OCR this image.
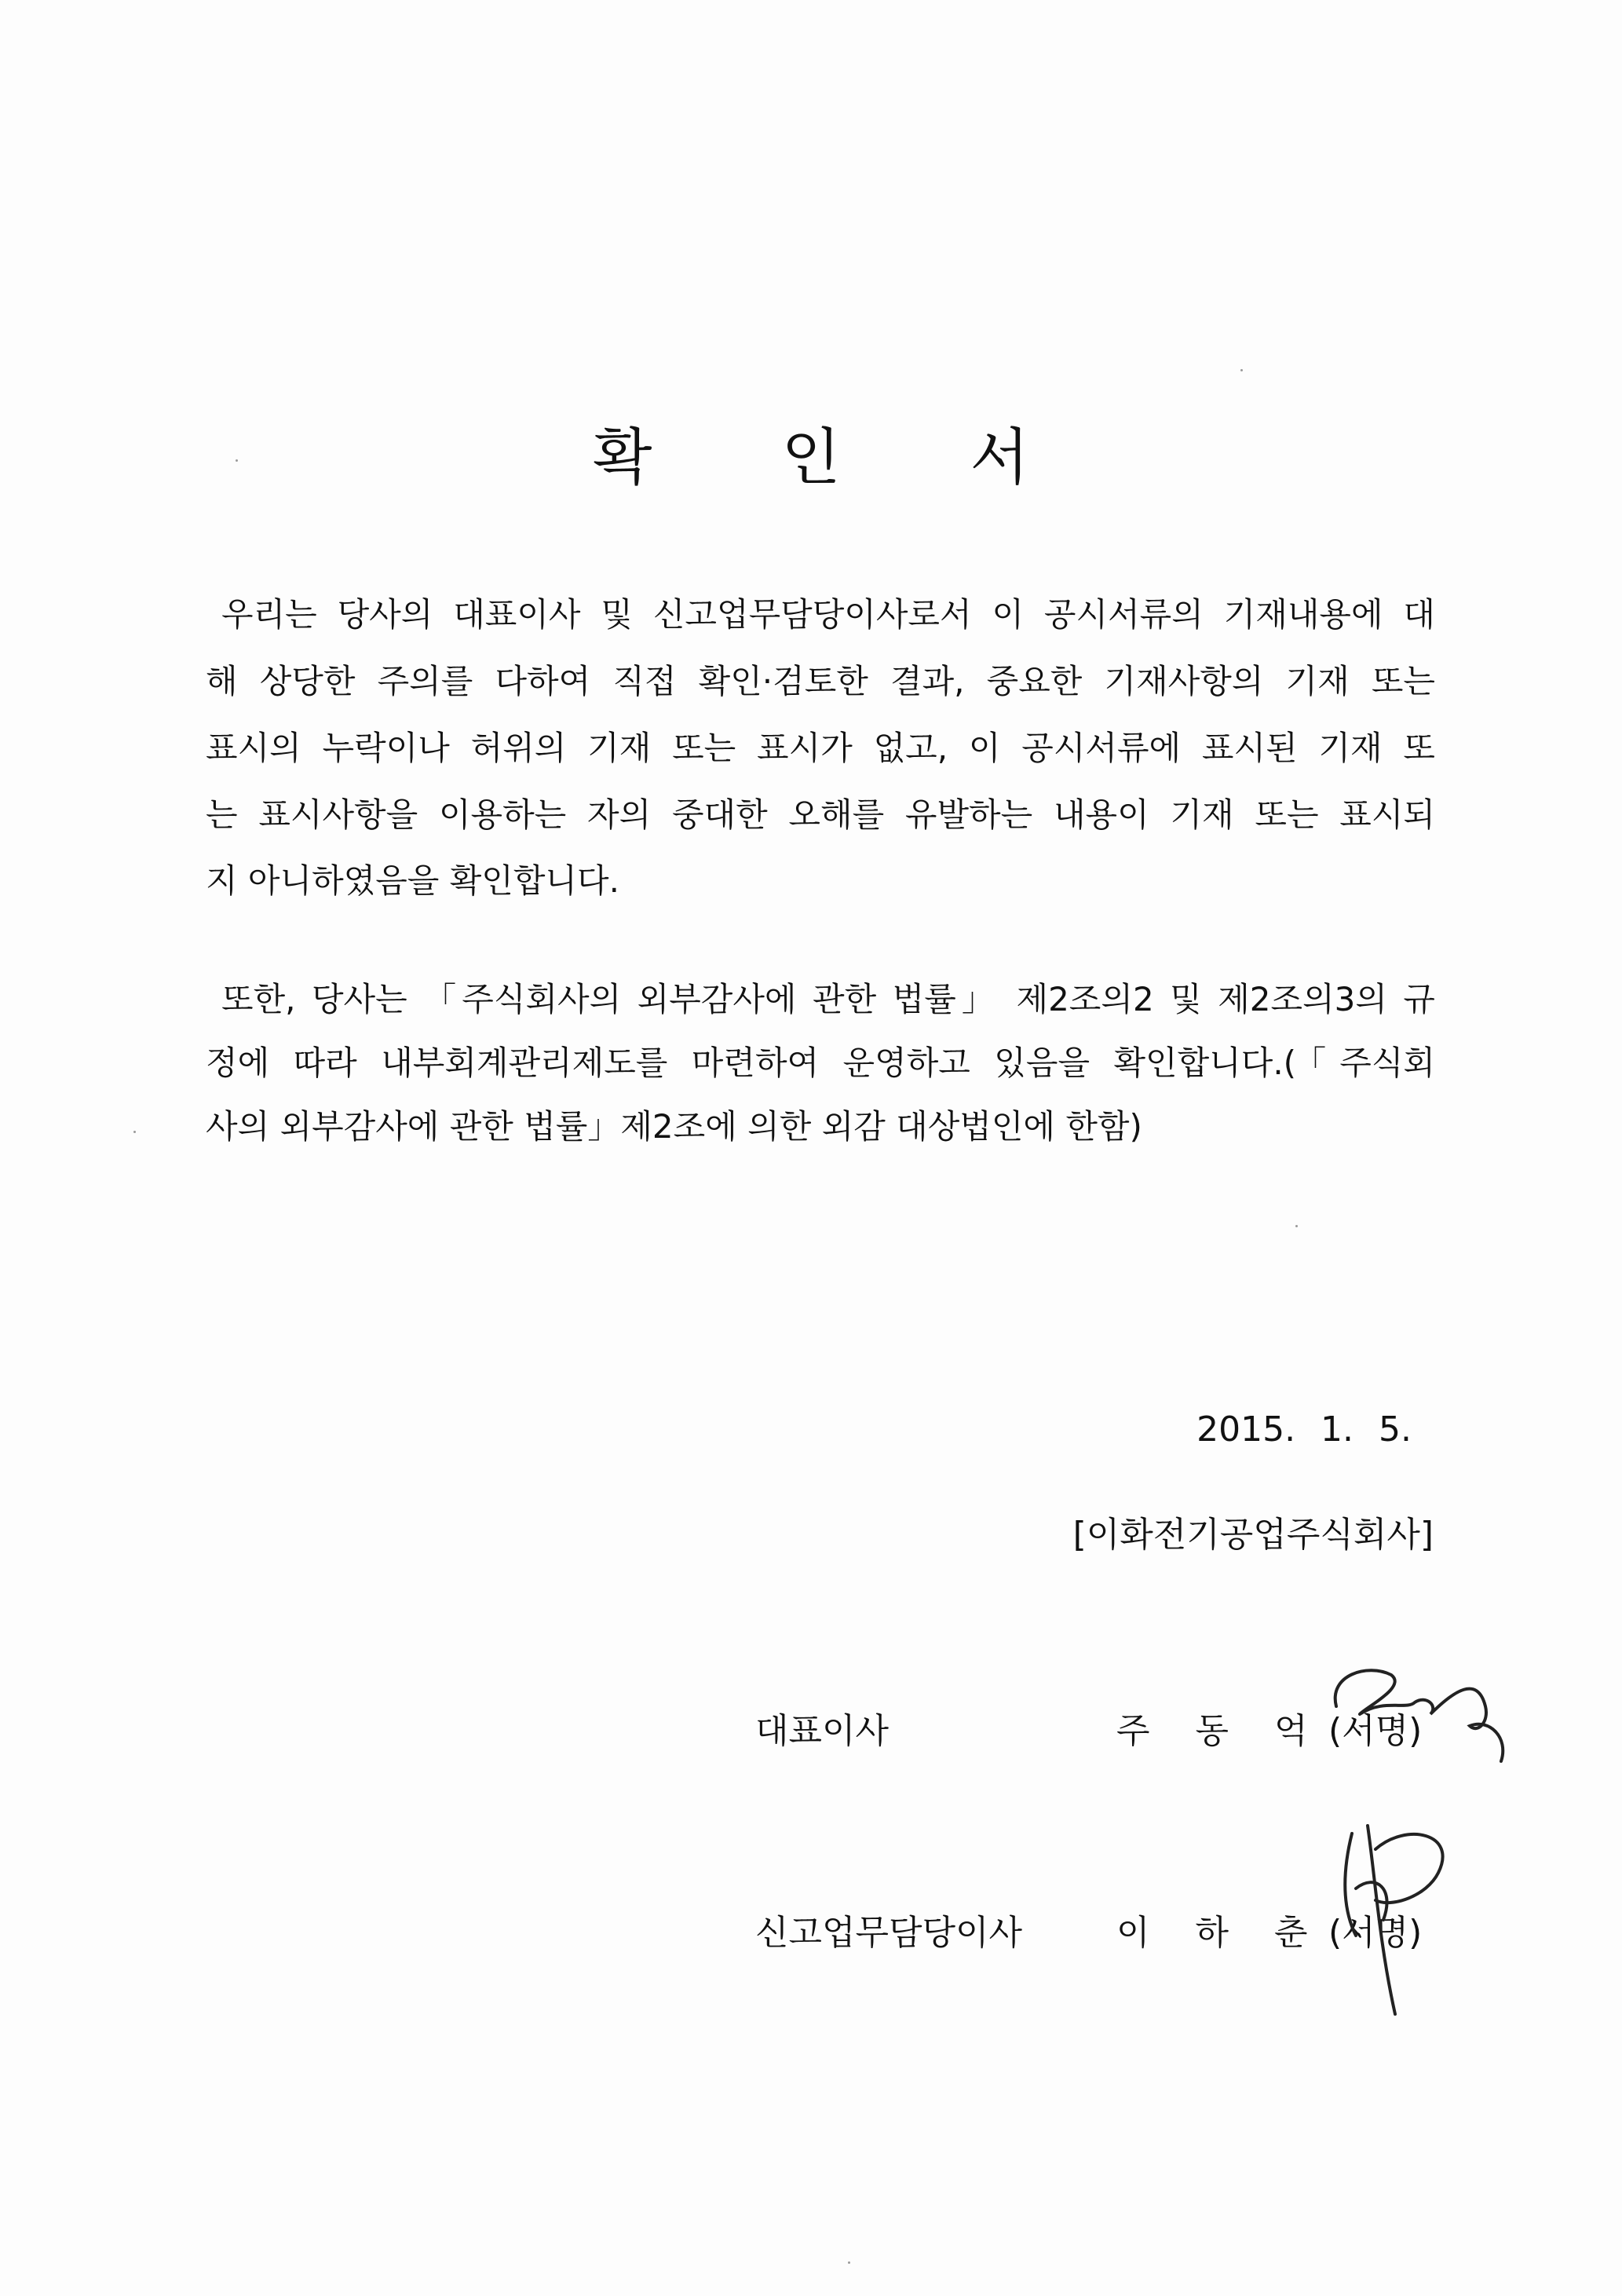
확 인 서
우리는 당사의 대표이사 및 신고업무담당이사로서 이 공시서류의 기재내용에 대
해 상당한 주의를 다하여 직접 확인·검토한 결과, 중요한 기재사항의 기재 또는
표시의 누락이나 허위의 기재 또는 표시가 없고, 이 공시서류에 표시된 기재 또
는 표시사항을 이용하는 자의 중대한 오해를 유발하는 내용이 기재 또는 표시되
지 아니하였음을 확인합니다.
또한, 당사는 「주식회사의 외부감사에 관한 법률」 제2조의2 및 제2조의3의 규
정에 따라 내부회계관리제도를 마련하여 운영하고 있음을 확인합니다.(「주식회
사의 외부감사에 관한 법률」제2조에 의한 외감 대상법인에 한함)
2015. 1. 5.
[이화전기공업주식회사]
대표이사	주 동 억 (서명)
신고업무담당이사	이 하 춘 (서명)
